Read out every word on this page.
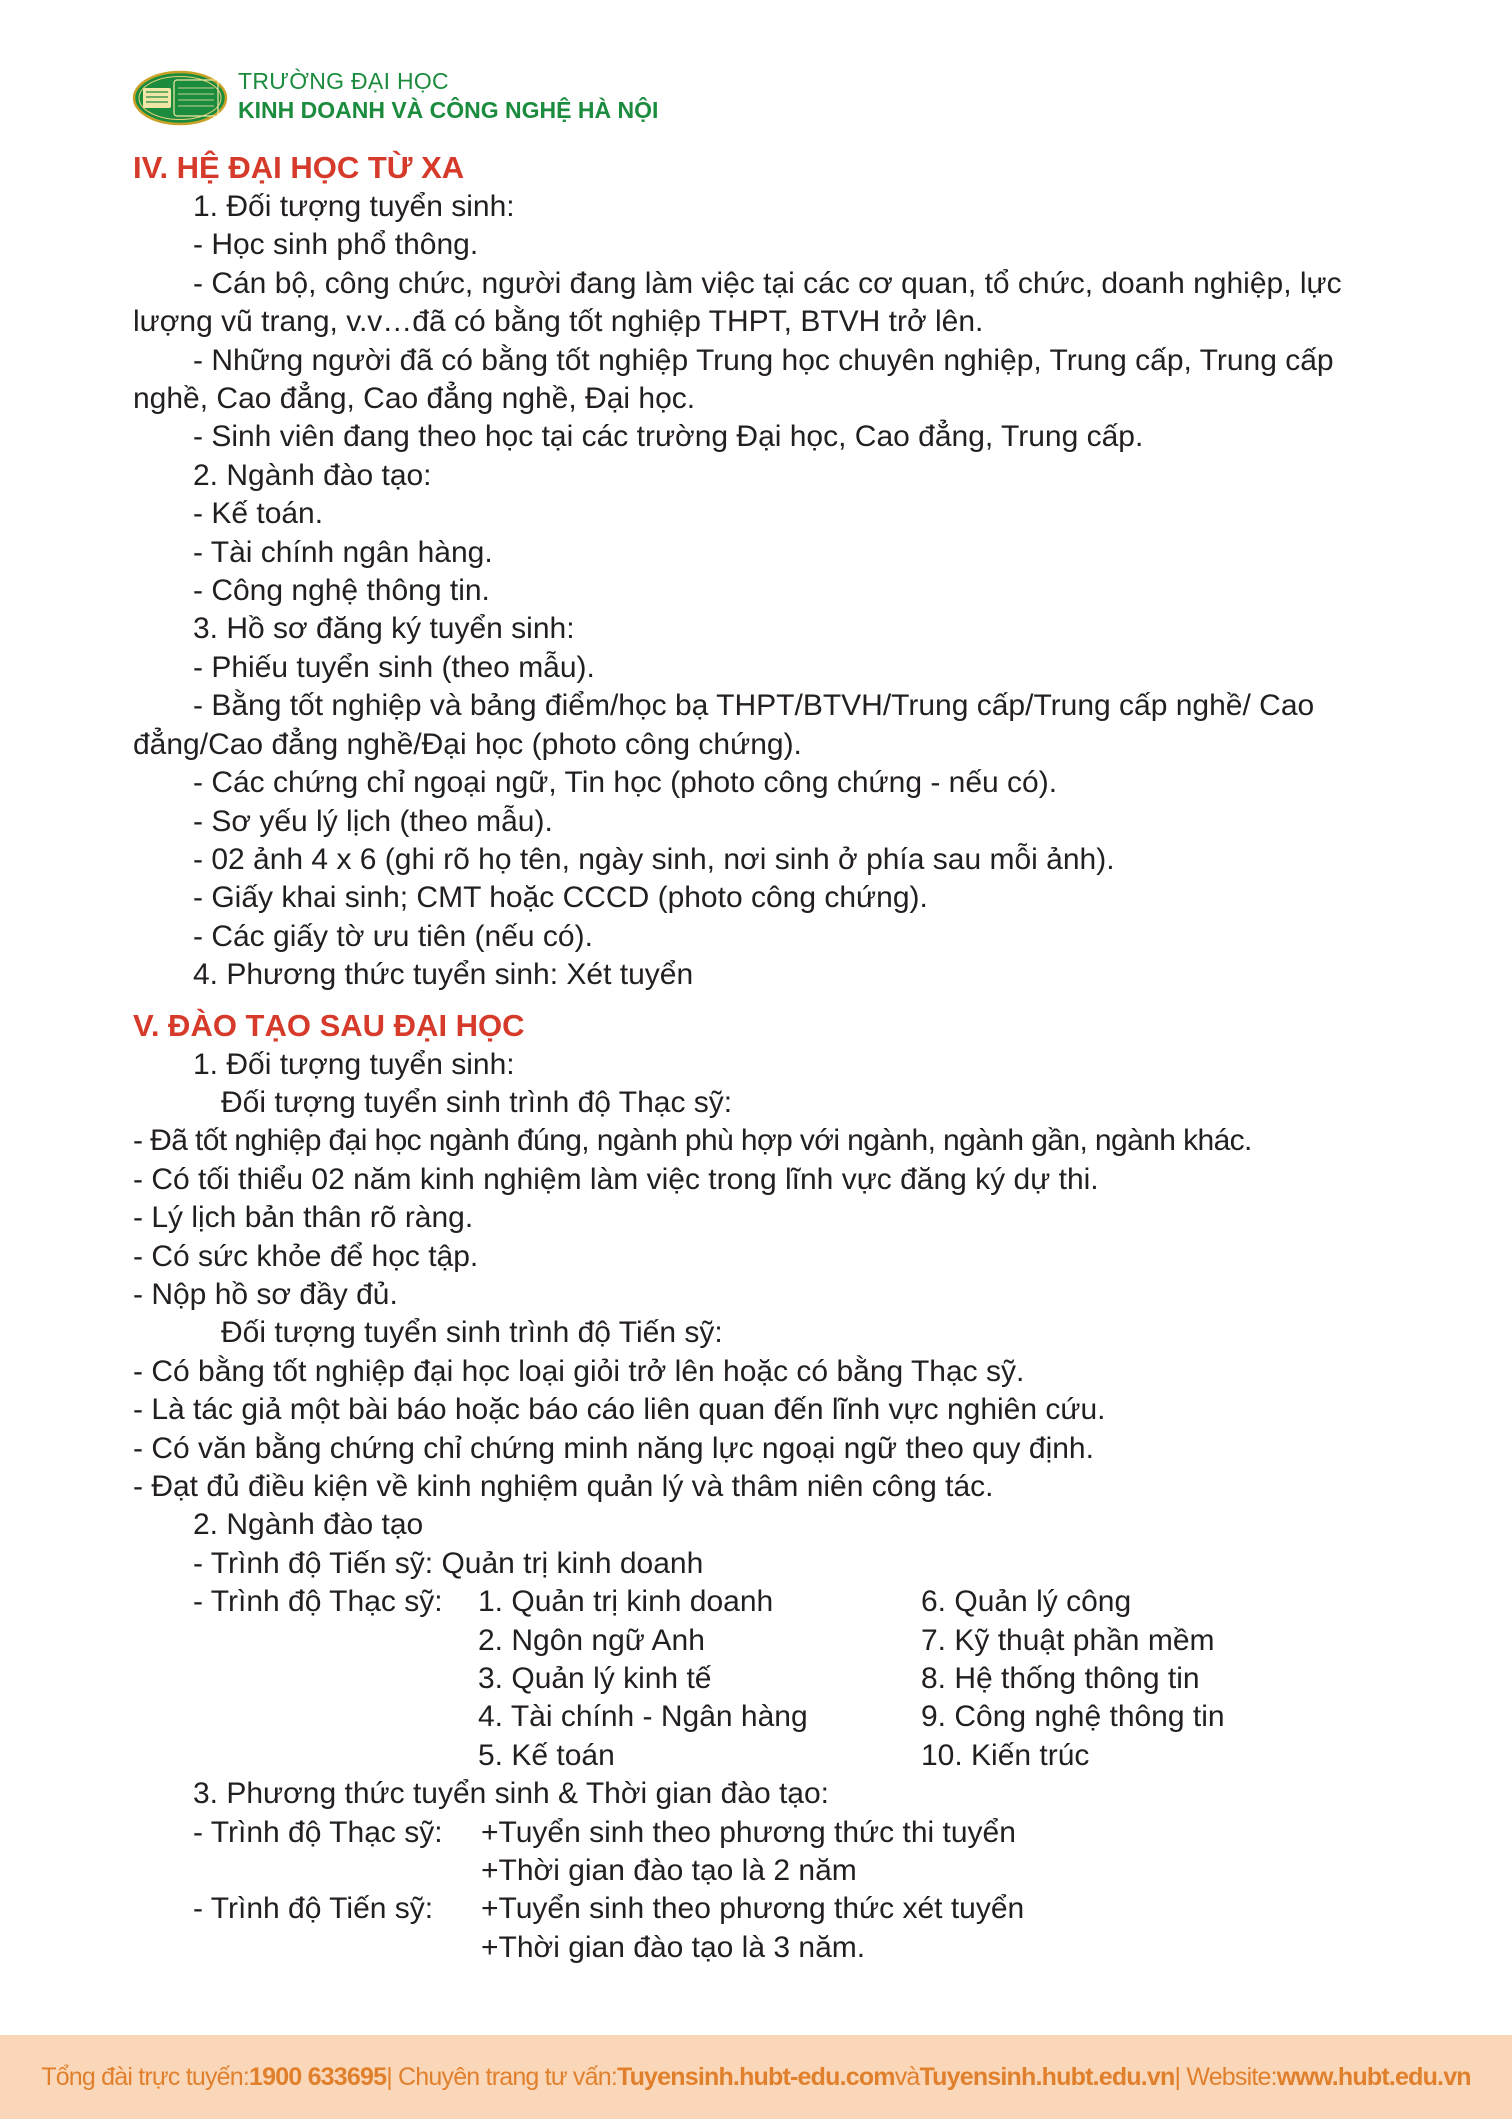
TRƯỜNG ĐẠI HỌC
KINH DOANH VÀ CÔNG NGHỆ HÀ NỘI
IV. HỆ ĐẠI HỌC TỪ XA
1. Đối tượng tuyển sinh:
- Học sinh phổ thông.
- Cán bộ, công chức, người đang làm việc tại các cơ quan, tổ chức, doanh nghiệp, lực lượng vũ trang, v.v…đã có bằng tốt nghiệp THPT, BTVH trở lên.
- Những người đã có bằng tốt nghiệp Trung học chuyên nghiệp, Trung cấp, Trung cấp nghề, Cao đẳng, Cao đẳng nghề, Đại học.
- Sinh viên đang theo học tại các trường Đại học, Cao đẳng, Trung cấp.
2. Ngành đào tạo:
- Kế toán.
- Tài chính ngân hàng.
- Công nghệ thông tin.
3. Hồ sơ đăng ký tuyển sinh:
- Phiếu tuyển sinh (theo mẫu).
- Bằng tốt nghiệp và bảng điểm/học bạ THPT/BTVH/Trung cấp/Trung cấp nghề/ Cao đẳng/Cao đẳng nghề/Đại học (photo công chứng).
- Các chứng chỉ ngoại ngữ, Tin học (photo công chứng - nếu có).
- Sơ yếu lý lịch (theo mẫu).
- 02 ảnh 4 x 6 (ghi rõ họ tên, ngày sinh, nơi sinh ở phía sau mỗi ảnh).
- Giấy khai sinh; CMT hoặc CCCD (photo công chứng).
- Các giấy tờ ưu tiên (nếu có).
4. Phương thức tuyển sinh: Xét tuyển
V. ĐÀO TẠO SAU ĐẠI HỌC
1. Đối tượng tuyển sinh:
Đối tượng tuyển sinh trình độ Thạc sỹ:
- Đã tốt nghiệp đại học ngành đúng, ngành phù hợp với ngành, ngành gần, ngành khác.
- Có tối thiểu 02 năm kinh nghiệm làm việc trong lĩnh vực đăng ký dự thi.
- Lý lịch bản thân rõ ràng.
- Có sức khỏe để học tập.
- Nộp hồ sơ đầy đủ.
Đối tượng tuyển sinh trình độ Tiến sỹ:
- Có bằng tốt nghiệp đại học loại giỏi trở lên hoặc có bằng Thạc sỹ.
- Là tác giả một bài báo hoặc báo cáo liên quan đến lĩnh vực nghiên cứu.
- Có văn bằng chứng chỉ chứng minh năng lực ngoại ngữ theo quy định.
- Đạt đủ điều kiện về kinh nghiệm quản lý và thâm niên công tác.
2. Ngành đào tạo
- Trình độ Tiến sỹ: Quản trị kinh doanh
- Trình độ Thạc sỹ: 1. Quản trị kinh doanh	6. Quản lý công
2. Ngôn ngữ Anh	7. Kỹ thuật phần mềm
3. Quản lý kinh tế	8. Hệ thống thông tin
4. Tài chính - Ngân hàng	9. Công nghệ thông tin
5. Kế toán	10. Kiến trúc
3. Phương thức tuyển sinh & Thời gian đào tạo:
- Trình độ Thạc sỹ: +Tuyển sinh theo phương thức thi tuyển
+Thời gian đào tạo là 2 năm
- Trình độ Tiến sỹ: +Tuyển sinh theo phương thức xét tuyển
+Thời gian đào tạo là 3 năm.
Tổng đài trực tuyến: 1900 633695 | Chuyên trang tư vấn: Tuyensinh.hubt-edu.com và Tuyensinh.hubt.edu.vn | Website: www.hubt.edu.vn
